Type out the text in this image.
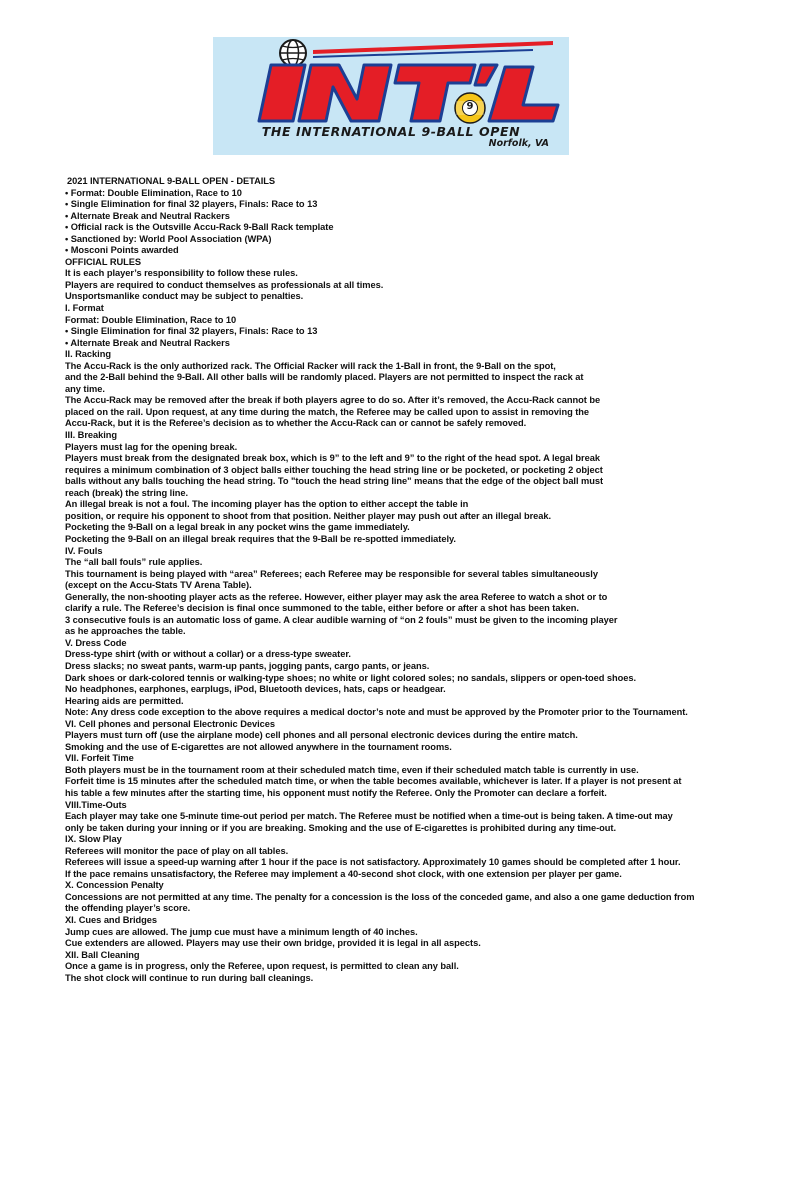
9
THE INTERNATIONAL 9-BALL OPEN
Norfolk, VA
2021 INTERNATIONAL 9-BALL OPEN - DETAILS
• Format: Double Elimination, Race to 10
• Single Elimination for final 32 players, Finals: Race to 13
• Alternate Break and Neutral Rackers
• Official rack is the Outsville Accu-Rack 9-Ball Rack template
• Sanctioned by: World Pool Association (WPA)
• Mosconi Points awarded
OFFICIAL RULES
It is each player’s responsibility to follow these rules.
Players are required to conduct themselves as professionals at all times.
Unsportsmanlike conduct may be subject to penalties.
I. Format
Format: Double Elimination, Race to 10
• Single Elimination for final 32 players, Finals: Race to 13
• Alternate Break and Neutral Rackers
II. Racking
The Accu-Rack is the only authorized rack. The Official Racker will rack the 1-Ball in front, the 9-Ball on the spot,
and the 2-Ball behind the 9-Ball. All other balls will be randomly placed. Players are not permitted to inspect the rack at
any time.
The Accu-Rack may be removed after the break if both players agree to do so. After it’s removed, the Accu-Rack cannot be
placed on the rail. Upon request, at any time during the match, the Referee may be called upon to assist in removing the
Accu-Rack, but it is the Referee’s decision as to whether the Accu-Rack can or cannot be safely removed.
III. Breaking
Players must lag for the opening break.
Players must break from the designated break box, which is 9” to the left and 9” to the right of the head spot. A legal break
requires a minimum combination of 3 object balls either touching the head string line or be pocketed, or pocketing 2 object
balls without any balls touching the head string. To "touch the head string line" means that the edge of the object ball must
reach (break) the string line.
An illegal break is not a foul. The incoming player has the option to either accept the table in
position, or require his opponent to shoot from that position. Neither player may push out after an illegal break.
Pocketing the 9-Ball on a legal break in any pocket wins the game immediately.
Pocketing the 9-Ball on an illegal break requires that the 9-Ball be re-spotted immediately.
IV. Fouls
The “all ball fouls” rule applies.
This tournament is being played with “area” Referees; each Referee may be responsible for several tables simultaneously
(except on the Accu-Stats TV Arena Table).
Generally, the non-shooting player acts as the referee. However, either player may ask the area Referee to watch a shot or to
clarify a rule. The Referee’s decision is final once summoned to the table, either before or after a shot has been taken.
3 consecutive fouls is an automatic loss of game. A clear audible warning of “on 2 fouls” must be given to the incoming player
as he approaches the table.
V. Dress Code
Dress-type shirt (with or without a collar) or a dress-type sweater.
Dress slacks; no sweat pants, warm-up pants, jogging pants, cargo pants, or jeans.
Dark shoes or dark-colored tennis or walking-type shoes; no white or light colored soles; no sandals, slippers or open-toed shoes.
No headphones, earphones, earplugs, iPod, Bluetooth devices, hats, caps or headgear.
Hearing aids are permitted.
Note: Any dress code exception to the above requires a medical doctor’s note and must be approved by the Promoter prior to the Tournament.
VI. Cell phones and personal Electronic Devices
Players must turn off (use the airplane mode) cell phones and all personal electronic devices during the entire match.
Smoking and the use of E-cigarettes are not allowed anywhere in the tournament rooms.
VII. Forfeit Time
Both players must be in the tournament room at their scheduled match time, even if their scheduled match table is currently in use.
Forfeit time is 15 minutes after the scheduled match time, or when the table becomes available, whichever is later. If a player is not present at
his table a few minutes after the starting time, his opponent must notify the Referee. Only the Promoter can declare a forfeit.
VIII.Time-Outs
Each player may take one 5-minute time-out period per match. The Referee must be notified when a time-out is being taken. A time-out may
only be taken during your inning or if you are breaking. Smoking and the use of E-cigarettes is prohibited during any time-out.
IX. Slow Play
Referees will monitor the pace of play on all tables.
Referees will issue a speed-up warning after 1 hour if the pace is not satisfactory. Approximately 10 games should be completed after 1 hour.
If the pace remains unsatisfactory, the Referee may implement a 40-second shot clock, with one extension per player per game.
X. Concession Penalty
Concessions are not permitted at any time. The penalty for a concession is the loss of the conceded game, and also a one game deduction from
the offending player’s score.
XI. Cues and Bridges
Jump cues are allowed. The jump cue must have a minimum length of 40 inches.
Cue extenders are allowed. Players may use their own bridge, provided it is legal in all aspects.
XII. Ball Cleaning
Once a game is in progress, only the Referee, upon request, is permitted to clean any ball.
The shot clock will continue to run during ball cleanings.
